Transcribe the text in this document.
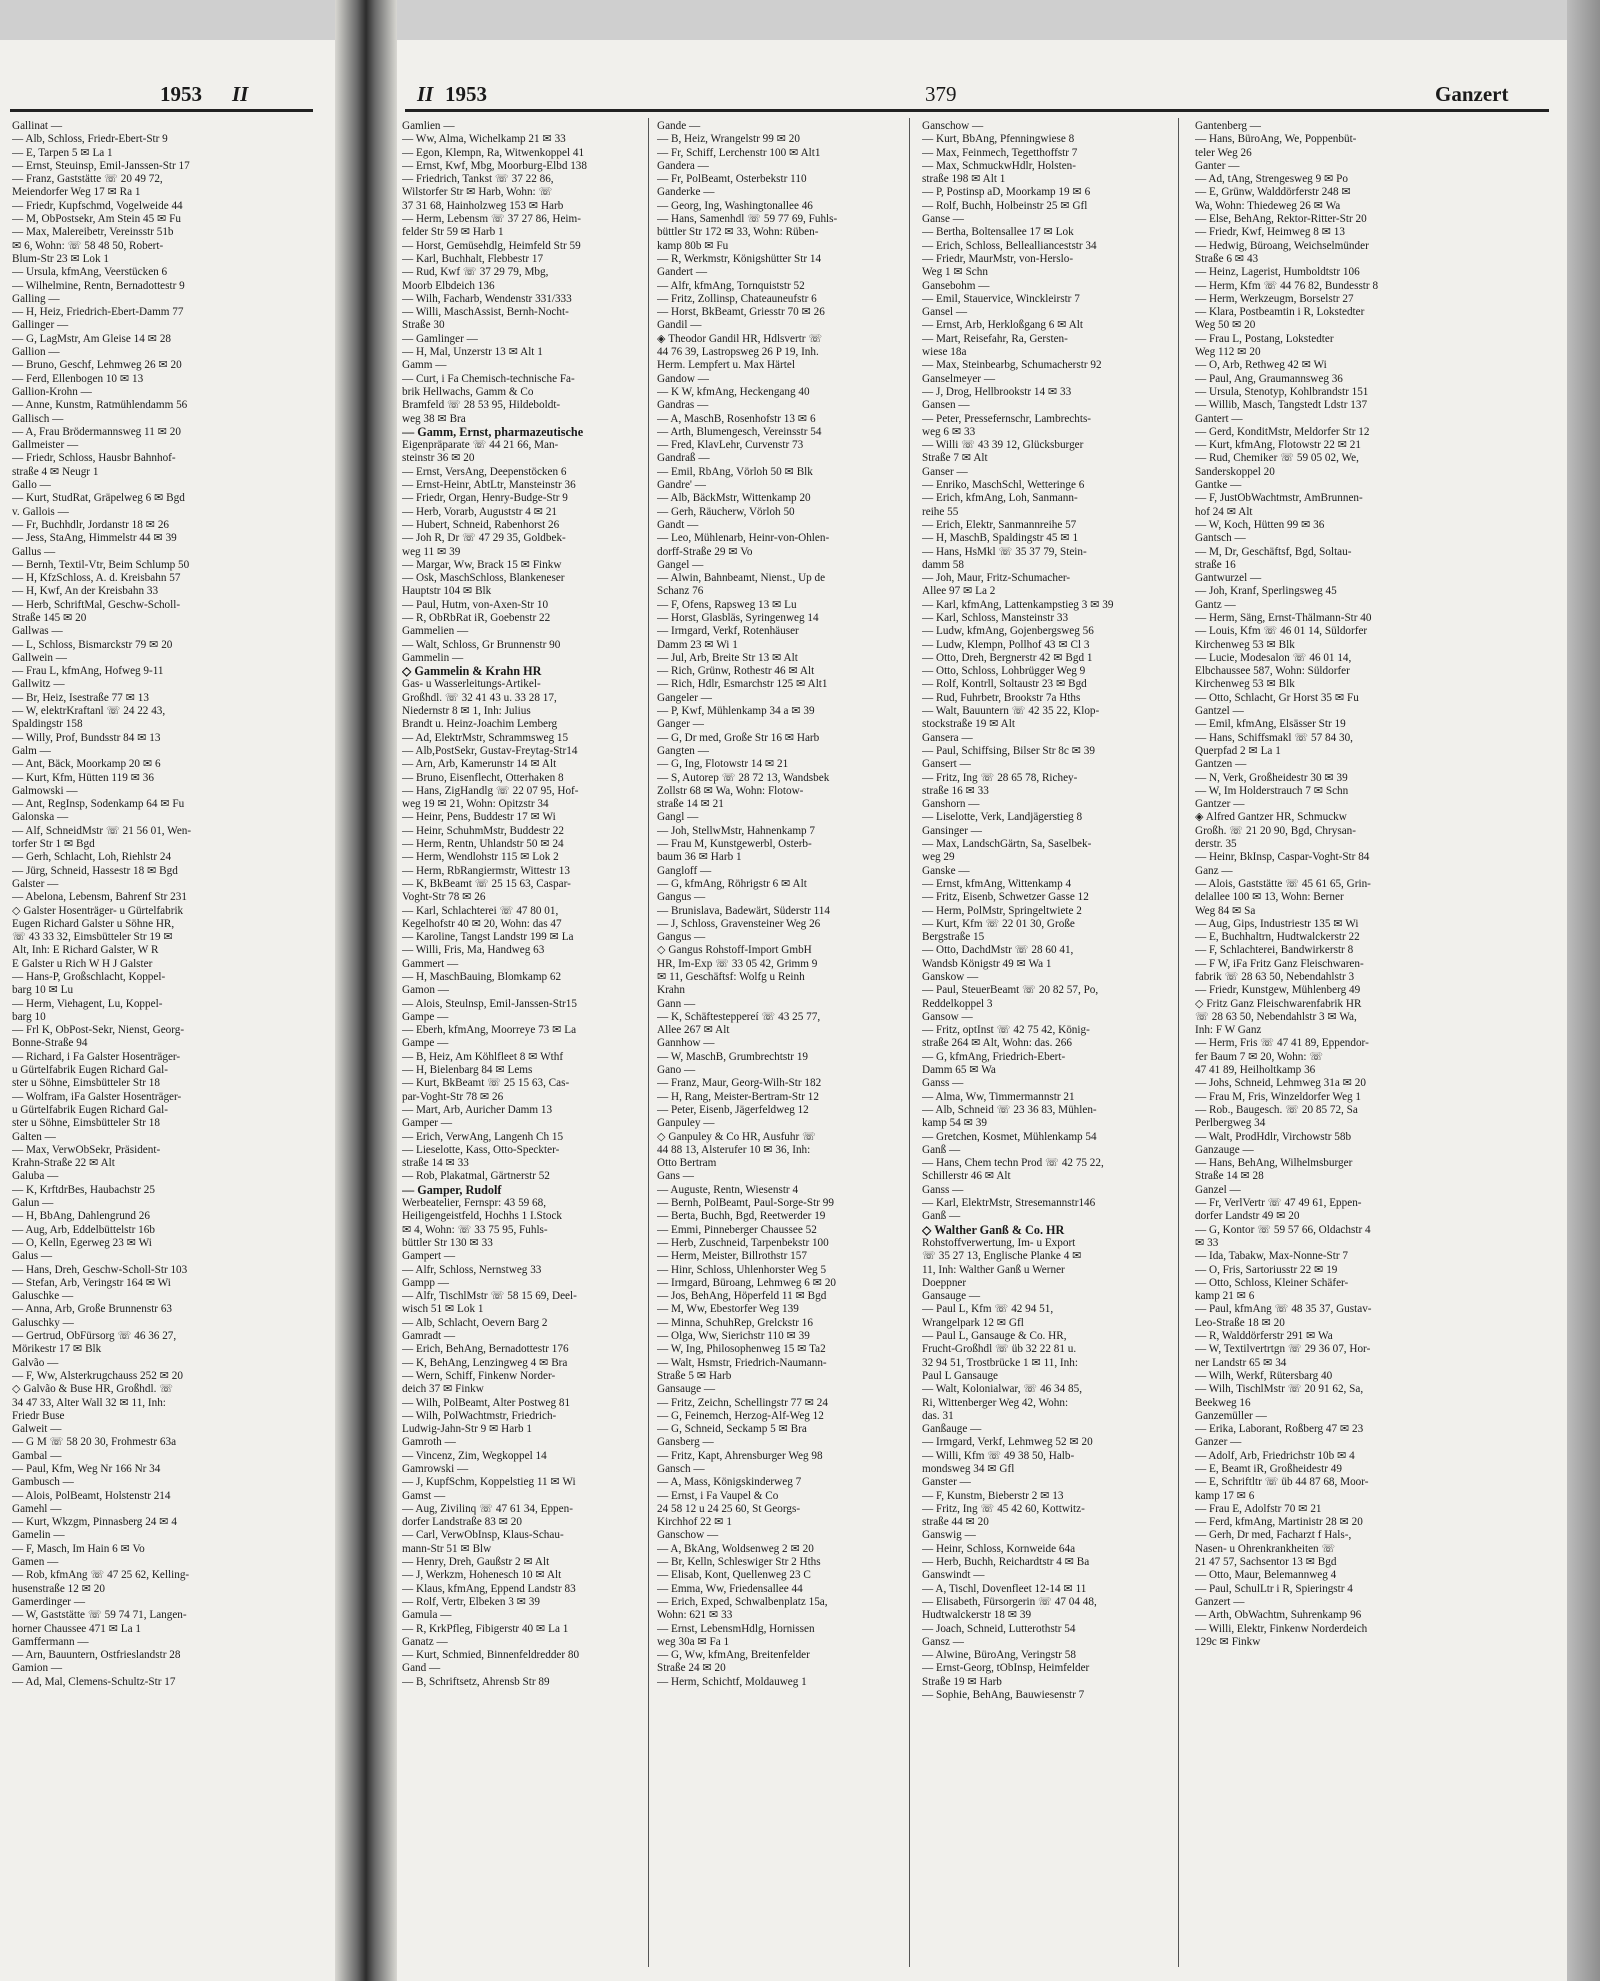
1953 II
Gallinat —
— Alb, Schloss, Friedr-Ebert-Str 9
— E, Tarpen 5 ✉ La 1
— Ernst, Steuinsp, Emil-Janssen-Str 17
— Franz, Gaststätte ☏ 20 49 72,
Meiendorfer Weg 17 ✉ Ra 1
— Friedr, Kupfschmd, Vogelweide 44
— M, ObPostsekr, Am Stein 45 ✉ Fu
— Max, Malereibetr, Vereinsstr 51b
✉ 6, Wohn: ☏ 58 48 50, Robert-
Blum-Str 23 ✉ Lok 1
— Ursula, kfmAng, Veerstücken 6
— Wilhelmine, Rentn, Bernadottestr 9
Galling —
— H, Heiz, Friedrich-Ebert-Damm 77
Gallinger —
— G, LagMstr, Am Gleise 14 ✉ 28
Gallion —
— Bruno, Geschf, Lehmweg 26 ✉ 20
— Ferd, Ellenbogen 10 ✉ 13
Gallion-Krohn —
— Anne, Kunstm, Ratmühlendamm 56
Gallisch —
— A, Frau Brödermannsweg 11 ✉ 20
Gallmeister —
— Friedr, Schloss, Hausbr Bahnhof-
straße 4 ✉ Neugr 1
Gallo —
— Kurt, StudRat, Gräpelweg 6 ✉ Bgd
v. Gallois —
— Fr, Buchhdlr, Jordanstr 18 ✉ 26
— Jess, StaAng, Himmelstr 44 ✉ 39
Gallus —
— Bernh, Textil-Vtr, Beim Schlump 50
— H, KfzSchloss, A. d. Kreisbahn 57
— H, Kwf, An der Kreisbahn 33
— Herb, SchriftMal, Geschw-Scholl-
Straße 145 ✉ 20
Gallwas —
— L, Schloss, Bismarckstr 79 ✉ 20
Gallwein —
— Frau L, kfmAng, Hofweg 9-11
Gallwitz —
— Br, Heiz, Isestraße 77 ✉ 13
— W, elektrKraftanl ☏ 24 22 43,
Spaldingstr 158
— Willy, Prof, Bundsstr 84 ✉ 13
Galm —
— Ant, Bäck, Moorkamp 20 ✉ 6
— Kurt, Kfm, Hütten 119 ✉ 36
Galmowski —
— Ant, RegInsp, Sodenkamp 64 ✉ Fu
Galonska —
— Alf, SchneidMstr ☏ 21 56 01, Wen-
torfer Str 1 ✉ Bgd
— Gerh, Schlacht, Loh, Riehlstr 24
— Jürg, Schneid, Hassestr 18 ✉ Bgd
Galster —
— Abelona, Lebensm, Bahrenf Str 231
◇ Galster Hosenträger- u Gürtelfabrik
Eugen Richard Galster u Söhne HR,
☏ 43 33 32, Eimsbütteler Str 19 ✉
Alt, Inh: E Richard Galster, W R
E Galster u Rich W H J Galster
— Hans-P, Großschlacht, Koppel-
barg 10 ✉ Lu
— Herm, Viehagent, Lu, Koppel-
barg 10
— Frl K, ObPost-Sekr, Nienst, Georg-
Bonne-Straße 94
— Richard, i Fa Galster Hosenträger-
u Gürtelfabrik Eugen Richard Gal-
ster u Söhne, Eimsbütteler Str 18
— Wolfram, iFa Galster Hosenträger-
u Gürtelfabrik Eugen Richard Gal-
ster u Söhne, Eimsbütteler Str 18
Galten —
— Max, VerwObSekr, Präsident-
Krahn-Straße 22 ✉ Alt
Galuba —
— K, KrftdrBes, Haubachstr 25
Galun —
— H, BbAng, Dahlengrund 26
— Aug, Arb, Eddelbüttelstr 16b
— O, Kelln, Egerweg 23 ✉ Wi
Galus —
— Hans, Dreh, Geschw-Scholl-Str 103
— Stefan, Arb, Veringstr 164 ✉ Wi
Galuschke —
— Anna, Arb, Große Brunnenstr 63
Galuschky —
— Gertrud, ObFürsorg ☏ 46 36 27,
Mörikestr 17 ✉ Blk
Galvão —
— F, Ww, Alsterkrugchauss 252 ✉ 20
◇ Galvão & Buse HR, Großhdl. ☏
34 47 33, Alter Wall 32 ✉ 11, Inh:
Friedr Buse
Galweit —
— G M ☏ 58 20 30, Frohmestr 63a
Gambal —
— Paul, Kfm, Weg Nr 166 Nr 34
Gambusch —
— Alois, PolBeamt, Holstenstr 214
Gamehl —
— Kurt, Wkzgm, Pinnasberg 24 ✉ 4
Gamelin —
— F, Masch, Im Hain 6 ✉ Vo
Gamen —
— Rob, kfmAng ☏ 47 25 62, Kelling-
husenstraße 12 ✉ 20
Gamerdinger —
— W, Gaststätte ☏ 59 74 71, Langen-
horner Chaussee 471 ✉ La 1
Gamffermann —
— Arn, Bauuntern, Ostfrieslandstr 28
Gamion —
— Ad, Mal, Clemens-Schultz-Str 17
II 1953	379	Ganzert
Gamlien —
— Ww, Alma, Wichelkamp 21 ✉ 33
— Egon, Klempn, Ra, Witwenkoppel 41
— Ernst, Kwf, Mbg, Moorburg-Elbd 138
— Friedrich, Tankst ☏ 37 22 86,
Wilstorfer Str ✉ Harb, Wohn: ☏
37 31 68, Hainholzweg 153 ✉ Harb
— Herm, Lebensm ☏ 37 27 86, Heim-
felder Str 59 ✉ Harb 1
— Horst, Gemüsehdlg, Heimfeld Str 59
— Karl, Buchhalt, Flebbestr 17
— Rud, Kwf ☏ 37 29 79, Mbg,
Moorb Elbdeich 136
— Wilh, Facharb, Wendenstr 331/333
— Willi, MaschAssist, Bernh-Nocht-
Straße 30
— Gamlinger —
— H, Mal, Unzerstr 13 ✉ Alt 1
Gamm —
— Curt, i Fa Chemisch-technische Fa-
brik Hellwachs, Gamm & Co
Bramfeld ☏ 28 53 95, Hildeboldt-
weg 38 ✉ Bra
— Gamm, Ernst, pharmazeutische
Eigenpräparate ☏ 44 21 66, Man-
steinstr 36 ✉ 20
— Ernst, VersAng, Deepenstöcken 6
— Ernst-Heinr, AbtLtr, Mansteinstr 36
— Friedr, Organ, Henry-Budge-Str 9
— Herb, Vorarb, Auguststr 4 ✉ 21
— Hubert, Schneid, Rabenhorst 26
— Joh R, Dr ☏ 47 29 35, Goldbek-
weg 11 ✉ 39
— Margar, Ww, Brack 15 ✉ Finkw
— Osk, MaschSchloss, Blankeneser
Hauptstr 104 ✉ Blk
— Paul, Hutm, von-Axen-Str 10
— R, ObRbRat iR, Goebenstr 22
Gammelien —
— Walt, Schloss, Gr Brunnenstr 90
Gammelin —
◇ Gammelin & Krahn HR
Gas- u Wasserleitungs-Artikel-
Großhdl. ☏ 32 41 43 u. 33 28 17,
Niedernstr 8 ✉ 1, Inh: Julius
Brandt u. Heinz-Joachim Lemberg
— Ad, ElektrMstr, Schrammsweg 15
— Alb,PostSekr, Gustav-Freytag-Str14
— Arn, Arb, Kamerunstr 14 ✉ Alt
— Bruno, Eisenflecht, Otterhaken 8
— Hans, ZigHandlg ☏ 22 07 95, Hof-
weg 19 ✉ 21, Wohn: Opitzstr 34
— Heinr, Pens, Buddestr 17 ✉ Wi
— Heinr, SchuhmMstr, Buddestr 22
— Herm, Rentn, Uhlandstr 50 ✉ 24
— Herm, Wendlohstr 115 ✉ Lok 2
— Herm, RbRangiermstr, Wittestr 13
— K, BkBeamt ☏ 25 15 63, Caspar-
Voght-Str 78 ✉ 26
— Karl, Schlachterei ☏ 47 80 01,
Kegelhofstr 40 ✉ 20, Wohn: das 47
— Karoline, Tangst Landstr 199 ✉ La
— Willi, Fris, Ma, Handweg 63
Gammert —
— H, MaschBauing, Blomkamp 62
Gamon —
— Alois, Steulnsp, Emil-Janssen-Str15
Gampe —
— Eberh, kfmAng, Moorreye 73 ✉ La
Gampe —
— B, Heiz, Am Köhlfleet 8 ✉ Wthf
— H, Bielenbarg 84 ✉ Lems
— Kurt, BkBeamt ☏ 25 15 63, Cas-
par-Voght-Str 78 ✉ 26
— Mart, Arb, Auricher Damm 13
Gamper —
— Erich, VerwAng, Langenh Ch 15
— Lieselotte, Kass, Otto-Speckter-
straße 14 ✉ 33
— Rob, Plakatmal, Gärtnerstr 52
— Gamper, Rudolf
Werbeatelier, Fernspr: 43 59 68,
Heiligengeistfeld, Hochhs 1 I.Stock
✉ 4, Wohn: ☏ 33 75 95, Fuhls-
büttler Str 130 ✉ 33
Gampert —
— Alfr, Schloss, Nernstweg 33
Gampp —
— Alfr, TischlMstr ☏ 58 15 69, Deel-
wisch 51 ✉ Lok 1
— Alb, Schlacht, Oevern Barg 2
Gamradt —
— Erich, BehAng, Bernadottestr 176
— K, BehAng, Lenzingweg 4 ✉ Bra
— Wern, Schiff, Finkenw Norder-
deich 37 ✉ Finkw
— Wilh, PolBeamt, Alter Postweg 81
— Wilh, PolWachtmstr, Friedrich-
Ludwig-Jahn-Str 9 ✉ Harb 1
Gamroth —
— Vincenz, Zim, Wegkoppel 14
Gamrowski —
— J, KupfSchm, Koppelstieg 11 ✉ Wi
Gamst —
— Aug, Zivilinq ☏ 47 61 34, Eppen-
dorfer Landstraße 83 ✉ 20
— Carl, VerwObInsp, Klaus-Schau-
mann-Str 51 ✉ Blw
— Henry, Dreh, Gaußstr 2 ✉ Alt
— J, Werkzm, Hohenesch 10 ✉ Alt
— Klaus, kfmAng, Eppend Landstr 83
— Rolf, Vertr, Elbeken 3 ✉ 39
Gamula —
— R, KrkPfleg, Fibigerstr 40 ✉ La 1
Ganatz —
— Kurt, Schmied, Binnenfeldredder 80
Gand —
— B, Schriftsetz, Ahrensb Str 89
Gande —
— B, Heiz, Wrangelstr 99 ✉ 20
— Fr, Schiff, Lerchenstr 100 ✉ Alt1
Gandera —
— Fr, PolBeamt, Osterbekstr 110
Ganderke —
— Georg, Ing, Washingtonallee 46
— Hans, Samenhdl ☏ 59 77 69, Fuhls-
büttler Str 172 ✉ 33, Wohn: Rüben-
kamp 80b ✉ Fu
— R, Werkmstr, Königshütter Str 14
Gandert —
— Alfr, kfmAng, Tornquiststr 52
— Fritz, Zollinsp, Chateauneufstr 6
— Horst, BkBeamt, Griesstr 70 ✉ 26
Gandil —
◈ Theodor Gandil HR, Hdlsvertr ☏
44 76 39, Lastropsweg 26 P 19, Inh.
Herm. Lempfert u. Max Härtel
Gandow —
— K W, kfmAng, Heckengang 40
Gandras —
— A, MaschB, Rosenhofstr 13 ✉ 6
— Arth, Blumengesch, Vereinsstr 54
— Fred, KlavLehr, Curvenstr 73
Gandraß —
— Emil, RbAng, Vörloh 50 ✉ Blk
Gandre' —
— Alb, BäckMstr, Wittenkamp 20
— Gerh, Räucherw, Vörloh 50
Gandt —
— Leo, Mühlenarb, Heinr-von-Ohlen-
dorff-Straße 29 ✉ Vo
Gangel —
— Alwin, Bahnbeamt, Nienst., Up de
Schanz 76
— F, Ofens, Rapsweg 13 ✉ Lu
— Horst, Glasbläs, Syringenweg 14
— Irmgard, Verkf, Rotenhäuser
Damm 23 ✉ Wi 1
— Jul, Arb, Breite Str 13 ✉ Alt
— Rich, Grünw, Rothestr 46 ✉ Alt
— Rich, Hdlr, Esmarchstr 125 ✉ Alt1
Gangeler —
— P, Kwf, Mühlenkamp 34 a ✉ 39
Ganger —
— G, Dr med, Große Str 16 ✉ Harb
Gangten —
— G, Ing, Flotowstr 14 ✉ 21
— S, Autorep ☏ 28 72 13, Wandsbek
Zollstr 68 ✉ Wa, Wohn: Flotow-
straße 14 ✉ 21
Gangl —
— Joh, StellwMstr, Hahnenkamp 7
— Frau M, Kunstgewerbl, Osterb-
baum 36 ✉ Harb 1
Gangloff —
— G, kfmAng, Röhrigstr 6 ✉ Alt
Gangus —
— Brunislava, Badewärt, Süderstr 114
— J, Schloss, Gravensteiner Weg 26
Gangus —
◇ Gangus Rohstoff-Import GmbH
HR, Im-Exp ☏ 33 05 42, Grimm 9
✉ 11, Geschäftsf: Wolfg u Reinh
Krahn
Gann —
— K, Schäftesteppereí ☏ 43 25 77,
Allee 267 ✉ Alt
Gannhow —
— W, MaschB, Grumbrechtstr 19
Gano —
— Franz, Maur, Georg-Wilh-Str 182
— H, Rang, Meister-Bertram-Str 12
— Peter, Eisenb, Jägerfeldweg 12
Ganpuley —
◇ Ganpuley & Co HR, Ausfuhr ☏
44 88 13, Alsterufer 10 ✉ 36, Inh:
Otto Bertram
Gans —
— Auguste, Rentn, Wiesenstr 4
— Bernh, PolBeamt, Paul-Sorge-Str 99
— Berta, Buchh, Bgd, Reetwerder 19
— Emmi, Pinneberger Chaussee 52
— Herb, Zuschneid, Tarpenbekstr 100
— Herm, Meister, Billrothstr 157
— Hinr, Schloss, Uhlenhorster Weg 5
— Irmgard, Büroang, Lehmweg 6 ✉ 20
— Jos, BehAng, Höperfeld 11 ✉ Bgd
— M, Ww, Ebestorfer Weg 139
— Minna, SchuhRep, Grelckstr 16
— Olga, Ww, Sierichstr 110 ✉ 39
— W, Ing, Philosophenweg 15 ✉ Ta2
— Walt, Hsmstr, Friedrich-Naumann-
Straße 5 ✉ Harb
Gansauge —
— Fritz, Zeichn, Schellingstr 77 ✉ 24
— G, Feinemch, Herzog-Alf-Weg 12
— G, Schneid, Seckamp 5 ✉ Bra
Gansberg —
— Fritz, Kapt, Ahrensburger Weg 98
Gansch —
— A, Mass, Königskinderweg 7
— Ernst, i Fa Vaupel & Co
24 58 12 u 24 25 60, St Georgs-
Kirchhof 22 ✉ 1
Ganschow —
— A, BkAng, Woldsenweg 2 ✉ 20
— Br, Kelln, Schleswiger Str 2 Hths
— Elisab, Kont, Quellenweg 23 C
— Emma, Ww, Friedensallee 44
— Erich, Exped, Schwalbenplatz 15a,
Wohn: 621 ✉ 33
— Ernst, LebensmHdlg, Hornissen
weg 30a ✉ Fa 1
— G, Ww, kfmAng, Breitenfelder
Straße 24 ✉ 20
— Herm, Schichtf, Moldauweg 1
Ganschow —
— Kurt, BbAng, Pfenningwiese 8
— Max, Feinmech, Tegetthoffstr 7
— Max, SchmuckwHdlr, Holsten-
straße 198 ✉ Alt 1
— P, Postinsp aD, Moorkamp 19 ✉ 6
— Rolf, Buchh, Holbeinstr 25 ✉ Gfl
Ganse —
— Bertha, Boltensallee 17 ✉ Lok
— Erich, Schloss, Belleallianceststr 34
— Friedr, MaurMstr, von-Herslo-
Weg 1 ✉ Schn
Gansebohm —
— Emil, Stauervice, Winckleirstr 7
Gansel —
— Ernst, Arb, Herkloßgang 6 ✉ Alt
— Mart, Reisefahr, Ra, Gersten-
wiese 18a
— Max, Steinbearbg, Schumacherstr 92
Ganselmeyer —
— J, Drog, Hellbrookstr 14 ✉ 33
Gansen —
— Peter, Pressefernschr, Lambrechts-
weg 6 ✉ 33
— Willi ☏ 43 39 12, Glücksburger
Straße 7 ✉ Alt
Ganser —
— Enriko, MaschSchl, Wetteringe 6
— Erich, kfmAng, Loh, Sanmann-
reihe 55
— Erich, Elektr, Sanmannreihe 57
— H, MaschB, Spaldingstr 45 ✉ 1
— Hans, HsMkl ☏ 35 37 79, Stein-
damm 58
— Joh, Maur, Fritz-Schumacher-
Allee 97 ✉ La 2
— Karl, kfmAng, Lattenkampstieg 3 ✉ 39
— Karl, Schloss, Mansteinstr 33
— Ludw, kfmAng, Gojenbergsweg 56
— Ludw, Klempn, Pollhof 43 ✉ Cl 3
— Otto, Dreh, Bergnerstr 42 ✉ Bgd 1
— Otto, Schloss, Lohbrügger Weg 9
— Rolf, Kontrll, Soltaustr 23 ✉ Bgd
— Rud, Fuhrbetr, Brookstr 7a Hths
— Walt, Bauuntern ☏ 42 35 22, Klop-
stockstraße 19 ✉ Alt
Gansera —
— Paul, Schiffsing, Bilser Str 8c ✉ 39
Gansert —
— Fritz, Ing ☏ 28 65 78, Richey-
straße 16 ✉ 33
Ganshorn —
— Liselotte, Verk, Landjägerstieg 8
Gansinger —
— Max, LandschGärtn, Sa, Saselbek-
weg 29
Ganske —
— Ernst, kfmAng, Wittenkamp 4
— Fritz, Eisenb, Schwetzer Gasse 12
— Herm, PolMstr, Springeltwiete 2
— Kurt, Kfm ☏ 22 01 30, Große
Bergstraße 15
— Otto, DachdMstr ☏ 28 60 41,
Wandsb Königstr 49 ✉ Wa 1
Ganskow —
— Paul, SteuerBeamt ☏ 20 82 57, Po,
Reddelkoppel 3
Gansow —
— Fritz, optInst ☏ 42 75 42, König-
straße 264 ✉ Alt, Wohn: das. 266
— G, kfmAng, Friedrich-Ebert-
Damm 65 ✉ Wa
Ganss —
— Alma, Ww, Timmermannstr 21
— Alb, Schneid ☏ 23 36 83, Mühlen-
kamp 54 ✉ 39
— Gretchen, Kosmet, Mühlenkamp 54
Ganß —
— Hans, Chem techn Prod ☏ 42 75 22,
Schillerstr 46 ✉ Alt
Ganss —
— Karl, ElektrMstr, Stresemannstr146
Ganß —
◇ Walther Ganß & Co. HR
Rohstoffverwertung, Im- u Export
☏ 35 27 13, Englische Planke 4 ✉
11, Inh: Walther Ganß u Werner
Doeppner
Gansauge —
— Paul L, Kfm ☏ 42 94 51,
Wrangelpark 12 ✉ Gfl
— Paul L, Gansauge & Co. HR,
Frucht-Großhdl ☏ üb 32 22 81 u.
32 94 51, Trostbrücke 1 ✉ 11, Inh:
Paul L Gansauge
— Walt, Kolonialwar, ☏ 46 34 85,
Ri, Wittenberger Weg 42, Wohn:
das. 31
Ganßauge —
— Irmgard, Verkf, Lehmweg 52 ✉ 20
— Willi, Kfm ☏ 49 38 50, Halb-
mondsweg 34 ✉ Gfl
Ganster —
— F, Kunstm, Bieberstr 2 ✉ 13
— Fritz, Ing ☏ 45 42 60, Kottwitz-
straße 44 ✉ 20
Ganswig —
— Heinr, Schloss, Kornweide 64a
— Herb, Buchh, Reichardtstr 4 ✉ Ba
Ganswindt —
— A, Tischl, Dovenfleet 12-14 ✉ 11
— Elisabeth, Fürsorgerin ☏ 47 04 48,
Hudtwalckerstr 18 ✉ 39
— Joach, Schneid, Lutterothstr 54
Gansz —
— Alwine, BüroAng, Veringstr 58
— Ernst-Georg, tObInsp, Heimfelder
Straße 19 ✉ Harb
— Sophie, BehAng, Bauwiesenstr 7
Gantenberg —
— Hans, BüroAng, We, Poppenbüt-
teler Weg 26
Ganter —
— Ad, tAng, Strengesweg 9 ✉ Po
— E, Grünw, Walddörferstr 248 ✉
Wa, Wohn: Thiedeweg 26 ✉ Wa
— Else, BehAng, Rektor-Ritter-Str 20
— Friedr, Kwf, Heimweg 8 ✉ 13
— Hedwig, Büroang, Weichselmünder
Straße 6 ✉ 43
— Heinz, Lagerist, Humboldtstr 106
— Herm, Kfm ☏ 44 76 82, Bundesstr 8
— Herm, Werkzeugm, Borselstr 27
— Klara, Postbeamtin i R, Lokstedter
Weg 50 ✉ 20
— Frau L, Postang, Lokstedter
Weg 112 ✉ 20
— O, Arb, Rethweg 42 ✉ Wi
— Paul, Ang, Graumannsweg 36
— Ursula, Stenotyp, Kohlbrandstr 151
— Willib, Masch, Tangstedt Ldstr 137
Gantert —
— Gerd, KonditMstr, Meldorfer Str 12
— Kurt, kfmAng, Flotowstr 22 ✉ 21
— Rud, Chemiker ☏ 59 05 02, We,
Sanderskoppel 20
Gantke —
— F, JustObWachtmstr, AmBrunnen-
hof 24 ✉ Alt
— W, Koch, Hütten 99 ✉ 36
Gantsch —
— M, Dr, Geschäftsf, Bgd, Soltau-
straße 16
Gantwurzel —
— Joh, Kranf, Sperlingsweg 45
Gantz —
— Herm, Säng, Ernst-Thälmann-Str 40
— Louis, Kfm ☏ 46 01 14, Süldorfer
Kirchenweg 53 ✉ Blk
— Lucie, Modesalon ☏ 46 01 14,
Elbchaussee 587, Wohn: Süldorfer
Kirchenweg 53 ✉ Blk
— Otto, Schlacht, Gr Horst 35 ✉ Fu
Gantzel —
— Emil, kfmAng, Elsässer Str 19
— Hans, Schiffsmakl ☏ 57 84 30,
Querpfad 2 ✉ La 1
Gantzen —
— N, Verk, Großheidestr 30 ✉ 39
— W, Im Holderstrauch 7 ✉ Schn
Gantzer —
◈ Alfred Gantzer HR, Schmuckw
Großh. ☏ 21 20 90, Bgd, Chrysan-
derstr. 35
— Heinr, BkInsp, Caspar-Voght-Str 84
Ganz —
— Alois, Gaststätte ☏ 45 61 65, Grin-
delallee 100 ✉ 13, Wohn: Berner
Weg 84 ✉ Sa
— Aug, Gips, Industriestr 135 ✉ Wi
— E, Buchhaltrn, Hudtwalckerstr 22
— F, Schlachterei, Bandwirkerstr 8
— F W, iFa Fritz Ganz Fleischwaren-
fabrik ☏ 28 63 50, Nebendahlstr 3
— Friedr, Kunstgew, Mühlenberg 49
◇ Fritz Ganz Fleischwarenfabrik HR
☏ 28 63 50, Nebendahlstr 3 ✉ Wa,
Inh: F W Ganz
— Herm, Fris ☏ 47 41 89, Eppendor-
fer Baum 7 ✉ 20, Wohn: ☏
47 41 89, Heilholtkamp 36
— Johs, Schneid, Lehmweg 31a ✉ 20
— Frau M, Fris, Winzeldorfer Weg 1
— Rob., Baugesch. ☏ 20 85 72, Sa
Perlbergweg 34
— Walt, ProdHdlr, Virchowstr 58b
Ganzauge —
— Hans, BehAng, Wilhelmsburger
Straße 14 ✉ 28
Ganzel —
— Fr, VerlVertr ☏ 47 49 61, Eppen-
dorfer Landstr 49 ✉ 20
— G, Kontor ☏ 59 57 66, Oldachstr 4
✉ 33
— Ida, Tabakw, Max-Nonne-Str 7
— O, Fris, Sartoriusstr 22 ✉ 19
— Otto, Schloss, Kleiner Schäfer-
kamp 21 ✉ 6
— Paul, kfmAng ☏ 48 35 37, Gustav-
Leo-Straße 18 ✉ 20
— R, Walddörferstr 291 ✉ Wa
— W, Textilvertrtgn ☏ 29 36 07, Hor-
ner Landstr 65 ✉ 34
— Wilh, Werkf, Rütersbarg 40
— Wilh, TischlMstr ☏ 20 91 62, Sa,
Beekweg 16
Ganzemüller —
— Erika, Laborant, Roßberg 47 ✉ 23
Ganzer —
— Adolf, Arb, Friedrichstr 10b ✉ 4
— E, Beamt iR, Großheidestr 49
— E, Schriftltr ☏ üb 44 87 68, Moor-
kamp 17 ✉ 6
— Frau E, Adolfstr 70 ✉ 21
— Ferd, kfmAng, Martinistr 28 ✉ 20
— Gerh, Dr med, Facharzt f Hals-,
Nasen- u Ohrenkrankheiten ☏
21 47 57, Sachsentor 13 ✉ Bgd
— Otto, Maur, Belemannweg 4
— Paul, SchulLtr i R, Spieringstr 4
Ganzert —
— Arth, ObWachtm, Suhrenkamp 96
— Willi, Elektr, Finkenw Norderdeich
129c ✉ Finkw
